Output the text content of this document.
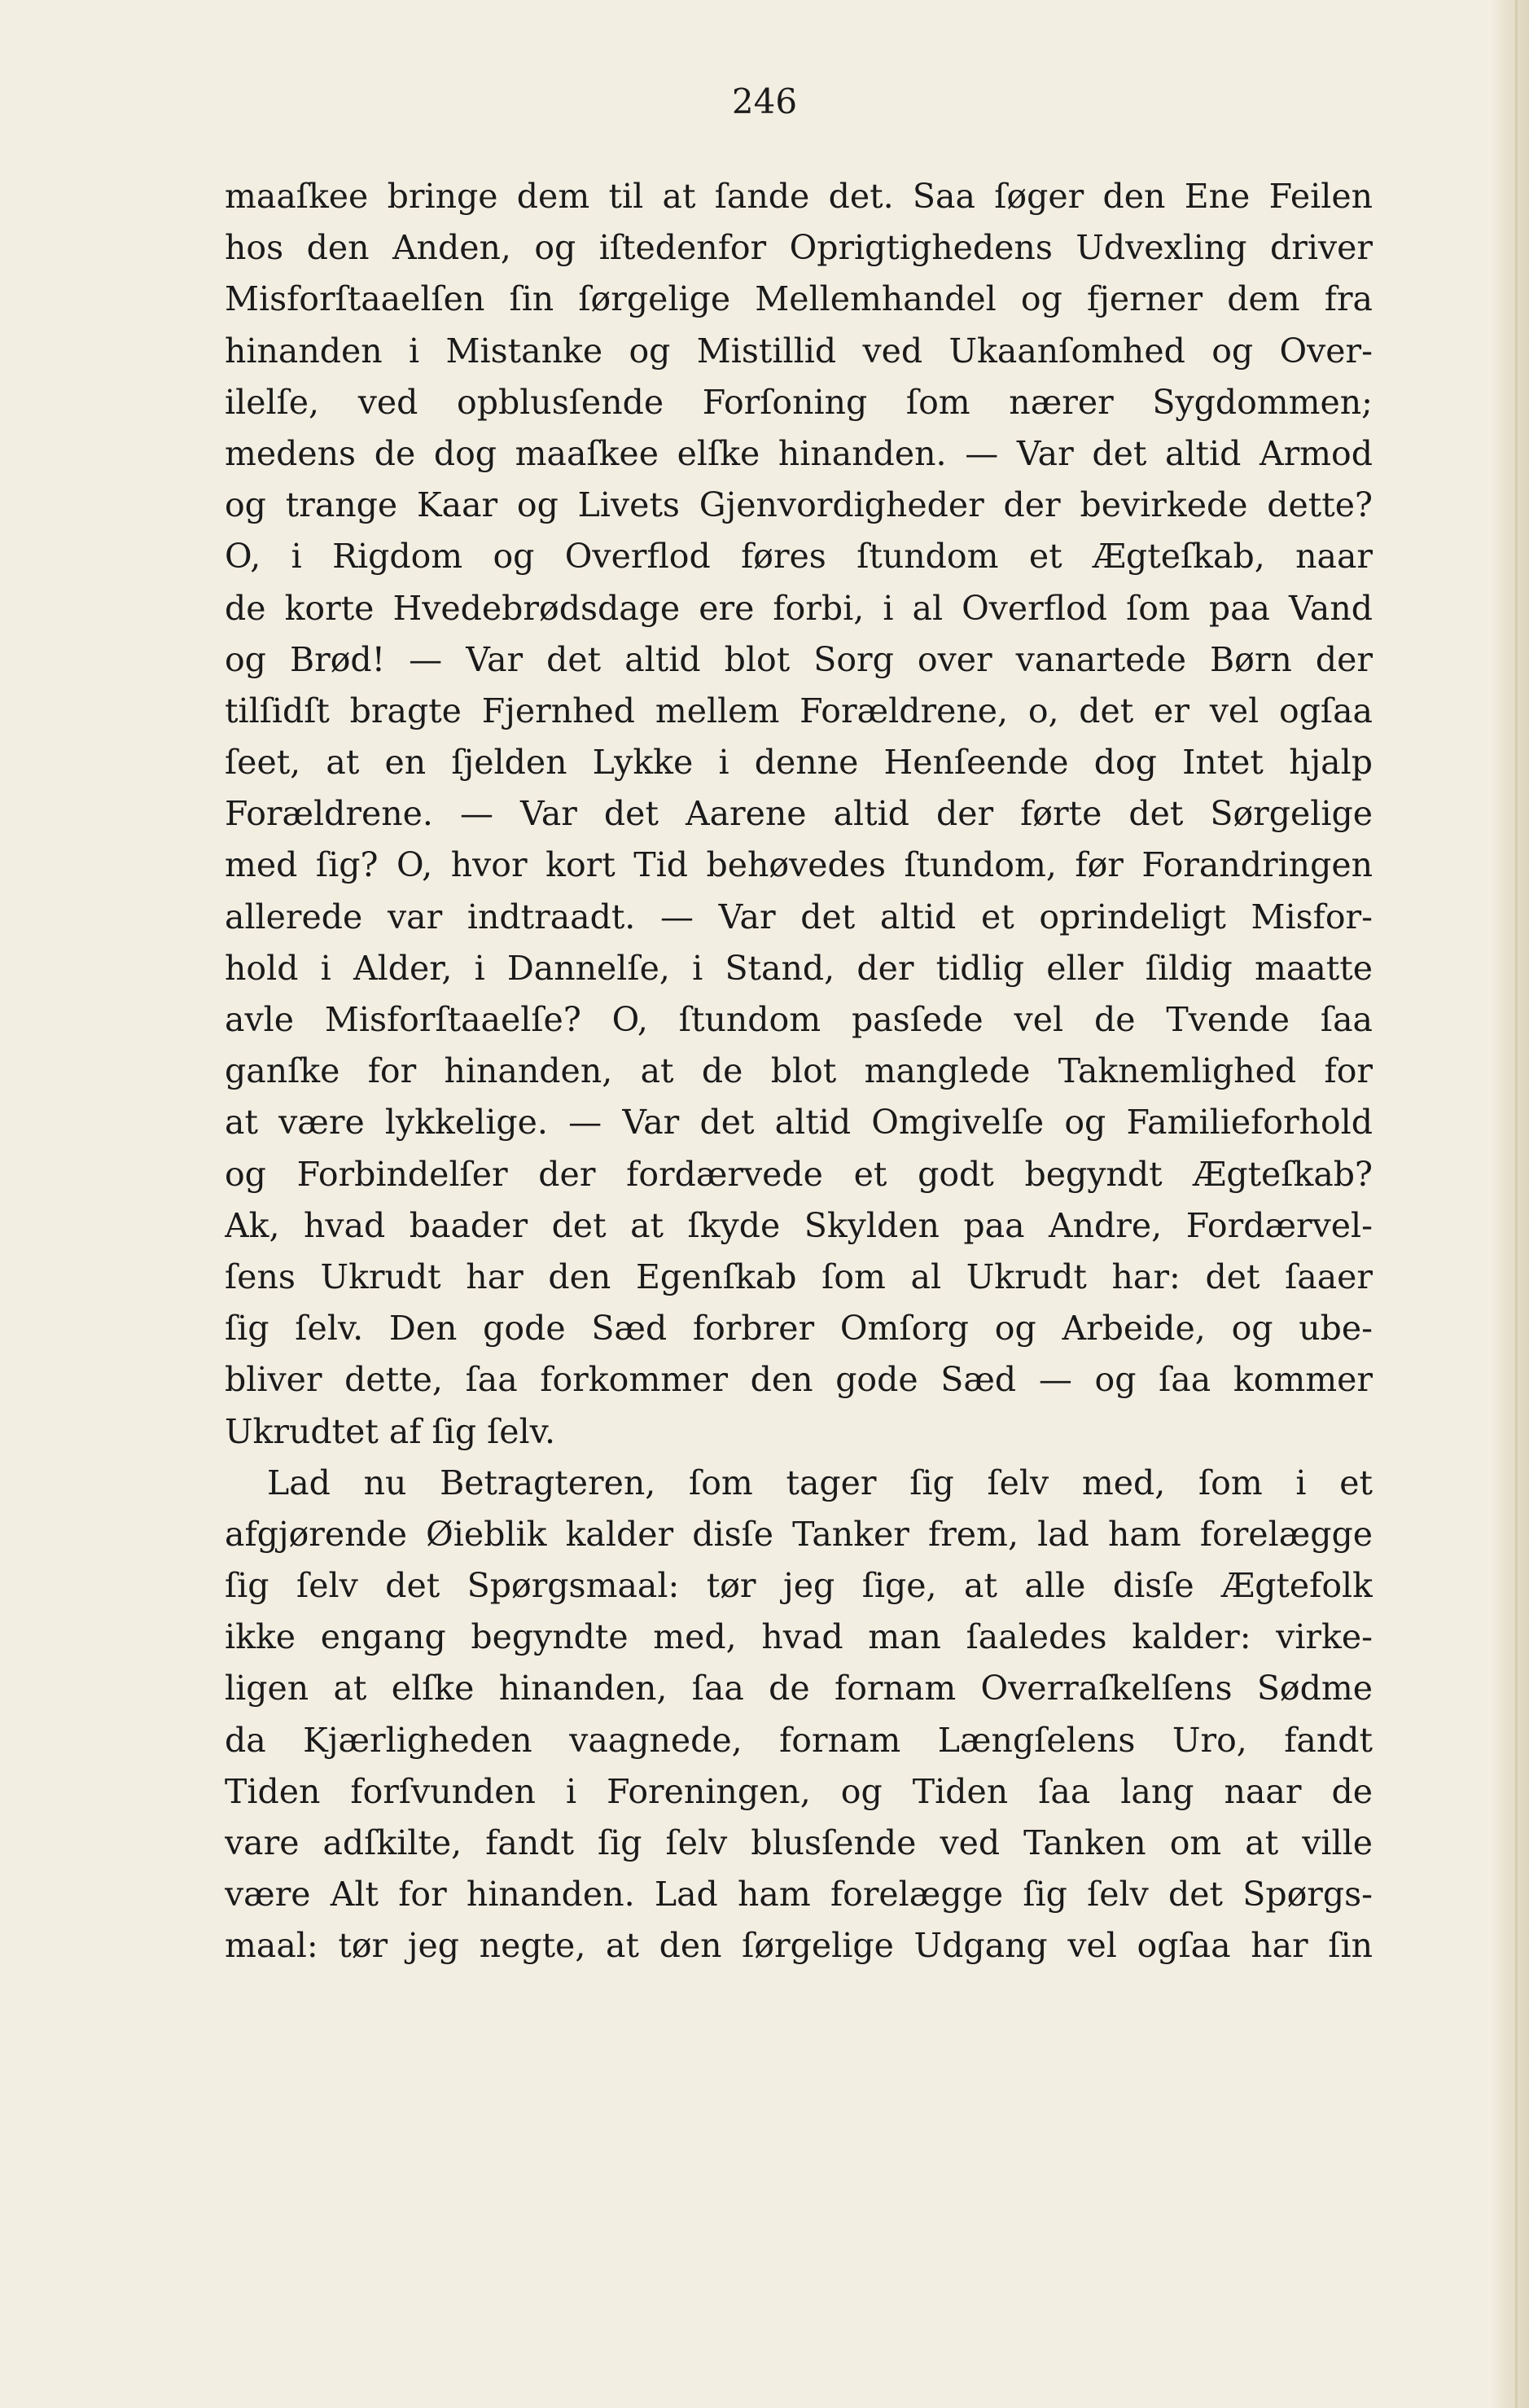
246
maaſkee bringe dem til at ſande det. Saa ſøger den Ene Feilen
hos den Anden, og iſtedenfor Oprigtighedens Udvexling driver
Misforſtaaelſen ſin ſørgelige Mellemhandel og fjerner dem fra
hinanden i Mistanke og Mistillid ved Ukaanſomhed og Over-
ilelſe, ved opblusſende Forſoning ſom nærer Sygdommen;
medens de dog maaſkee elſke hinanden. — Var det altid Armod
og trange Kaar og Livets Gjenvordigheder der bevirkede dette?
O, i Rigdom og Overflod føres ſtundom et Ægteſkab, naar
de korte Hvedebrødsdage ere forbi, i al Overflod ſom paa Vand
og Brød! — Var det altid blot Sorg over vanartede Børn der
tilſidſt bragte Fjernhed mellem Forældrene, o, det er vel ogſaa
ſeet, at en ſjelden Lykke i denne Henſeende dog Intet hjalp
Forældrene. — Var det Aarene altid der førte det Sørgelige
med ſig? O, hvor kort Tid behøvedes ſtundom, før Forandringen
allerede var indtraadt. — Var det altid et oprindeligt Misfor-
hold i Alder, i Dannelſe, i Stand, der tidlig eller ſildig maatte
avle Misforſtaaelſe? O, ſtundom pasſede vel de Tvende ſaa
ganſke for hinanden, at de blot manglede Taknemlighed for
at være lykkelige. — Var det altid Omgivelſe og Familieforhold
og Forbindelſer der fordærvede et godt begyndt Ægteſkab?
Ak, hvad baader det at ſkyde Skylden paa Andre, Fordærvel-
ſens Ukrudt har den Egenſkab ſom al Ukrudt har: det ſaaer
ſig ſelv. Den gode Sæd forbrer Omſorg og Arbeide, og ube-
bliver dette, ſaa forkommer den gode Sæd — og ſaa kommer
Ukrudtet af ſig ſelv.
Lad nu Betragteren, ſom tager ſig ſelv med, ſom i et
afgjørende Øieblik kalder disſe Tanker frem, lad ham forelægge
ſig ſelv det Spørgsmaal: tør jeg ſige, at alle disſe Ægtefolk
ikke engang begyndte med, hvad man ſaaledes kalder: virke-
ligen at elſke hinanden, ſaa de fornam Overraſkelſens Sødme
da Kjærligheden vaagnede, fornam Længſelens Uro, fandt
Tiden forſvunden i Foreningen, og Tiden ſaa lang naar de
vare adſkilte, fandt ſig ſelv blusſende ved Tanken om at ville
være Alt for hinanden. Lad ham forelægge ſig ſelv det Spørgs-
maal: tør jeg negte, at den ſørgelige Udgang vel ogſaa har ſin
